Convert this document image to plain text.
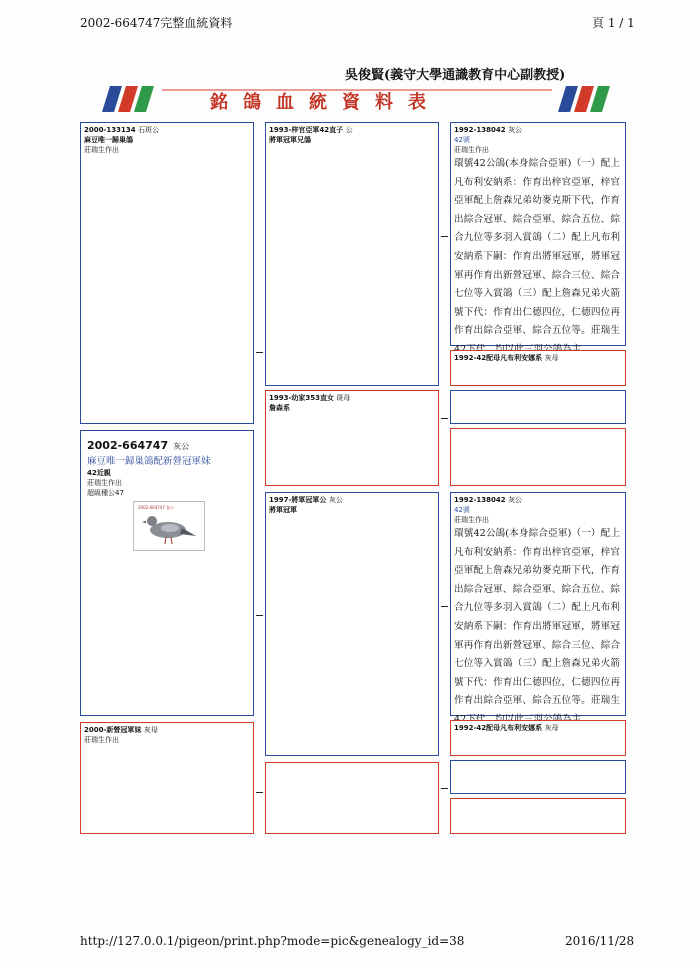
2002-664747完整血統資料	頁 1 / 1
吳俊賢(義守大學通識教育中心副教授)
銘鴿血統資料表
2000-133134 石斑公
麻豆唯一歸巢鴿
莊瑞生作出
2002-664747 灰公
麻豆唯一歸巢鴿配新營冠軍妹
42近親
莊瑞生作出
超級種公47
2002-664747 灰公
2000-新營冠軍妹 灰母
莊瑞生作出
1993-梓官亞軍42直子 公
將軍冠軍兄鴿
1993-幼家353直女 斑母
詹森系
1997-將軍冠軍公 灰公
將軍冠軍
1992-138042 灰公
42號
莊瑞生作出
環號42公鴿(本身綜合亞軍)（一）配上凡布利安納系：作育出梓官亞軍，梓官亞軍配上詹森兄弟幼麥克斯下代，作育出綜合冠軍、綜合亞軍、綜合五位、綜合九位等多羽入賞鴿（二）配上凡布利安納系下嗣：作育出將軍冠軍，將軍冠軍再作育出新營冠軍、綜合三位、綜合七位等入賞鴿（三）配上詹森兄弟火箭號下代：作育出仁德四位，仁德四位再作育出綜合亞軍、綜合五位等。莊瑞生
1992-42配母凡布利安娜系 灰母
1992-138042 灰公
42號
莊瑞生作出
環號42公鴿(本身綜合亞軍)（一）配上凡布利安納系：作育出梓官亞軍，梓官亞軍配上詹森兄弟幼麥克斯下代，作育出綜合冠軍、綜合亞軍、綜合五位、綜合九位等多羽入賞鴿（二）配上凡布利安納系下嗣：作育出將軍冠軍，將軍冠軍再作育出新營冠軍、綜合三位、綜合七位等入賞鴿（三）配上詹森兄弟火箭號下代：作育出仁德四位，仁德四位再作育出綜合亞軍、綜合五位等。莊瑞生
1992-42配母凡布利安娜系 灰母
http://127.0.0.1/pigeon/print.php?mode=pic&genealogy_id=38	2016/11/28
